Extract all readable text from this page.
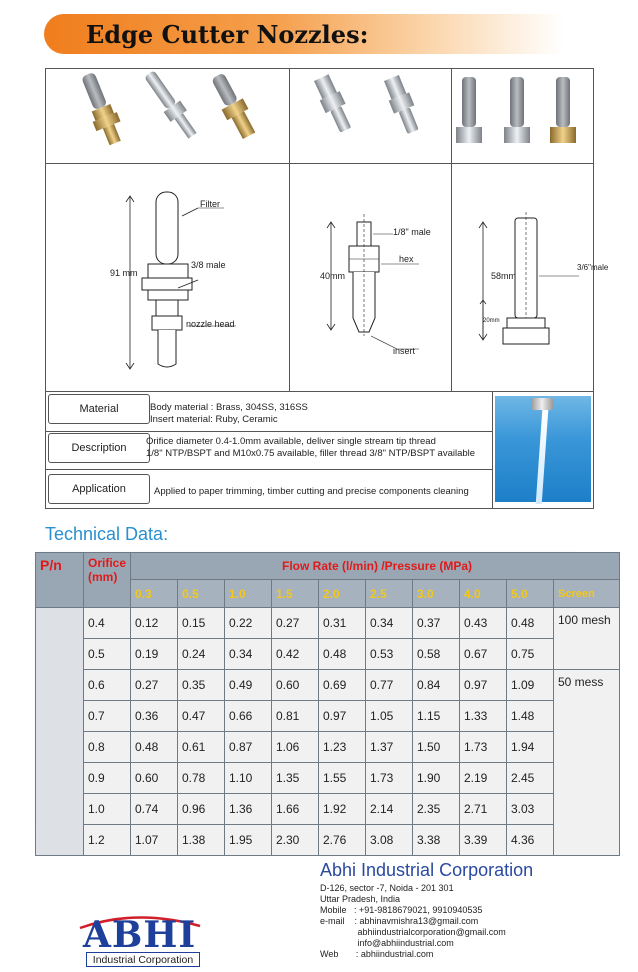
Edge Cutter Nozzles:
Filter
3/8 male
91 mm
nozzle head
1/8" male
hex
40mm
insert
58mm
3/6"male
20mm
Material	Body material : Brass, 304SS, 316SS
Insert material: Ruby, Ceramic
Description
Orifice diameter 0.4-1.0mm available, deliver single stream tip thread
1/8" NTP/BSPT and M10x0.75 available, filler thread 3/8" NTP/BSPT available
Application	Applied to paper trimming, timber cutting and precise components cleaning
Technical Data:
P/n	Orifice (mm)	Flow Rate (l/min) /Pressure (MPa)									
		0.3	0.5	1.0	1.5	2.0	2.5	3.0	4.0	5.0	Screen
	0.4	0.12	0.15	0.22	0.27	0.31	0.34	0.37	0.43	0.48	100 mesh
	0.5	0.19	0.24	0.34	0.42	0.48	0.53	0.58	0.67	0.75	
	0.6	0.27	0.35	0.49	0.60	0.69	0.77	0.84	0.97	1.09	50 mess
	0.7	0.36	0.47	0.66	0.81	0.97	1.05	1.15	1.33	1.48	
	0.8	0.48	0.61	0.87	1.06	1.23	1.37	1.50	1.73	1.94	
	0.9	0.60	0.78	1.10	1.35	1.55	1.73	1.90	2.19	2.45	
	1.0	0.74	0.96	1.36	1.66	1.92	2.14	2.35	2.71	3.03	
	1.2	1.07	1.38	1.95	2.30	2.76	3.08	3.38	3.39	4.36	
Abhi Industrial Corporation
D-126, sector -7, Noida - 201 301
Uttar Pradesh, India
Mobile   : +91-9818679021, 9910940535
e-mail    : abhinavmishra13@gmail.com
abhiindustrialcorporation@gmail.com
info@abhiindustrial.com
Web       : abhiindustrial.com
ABHI
Industrial Corporation
